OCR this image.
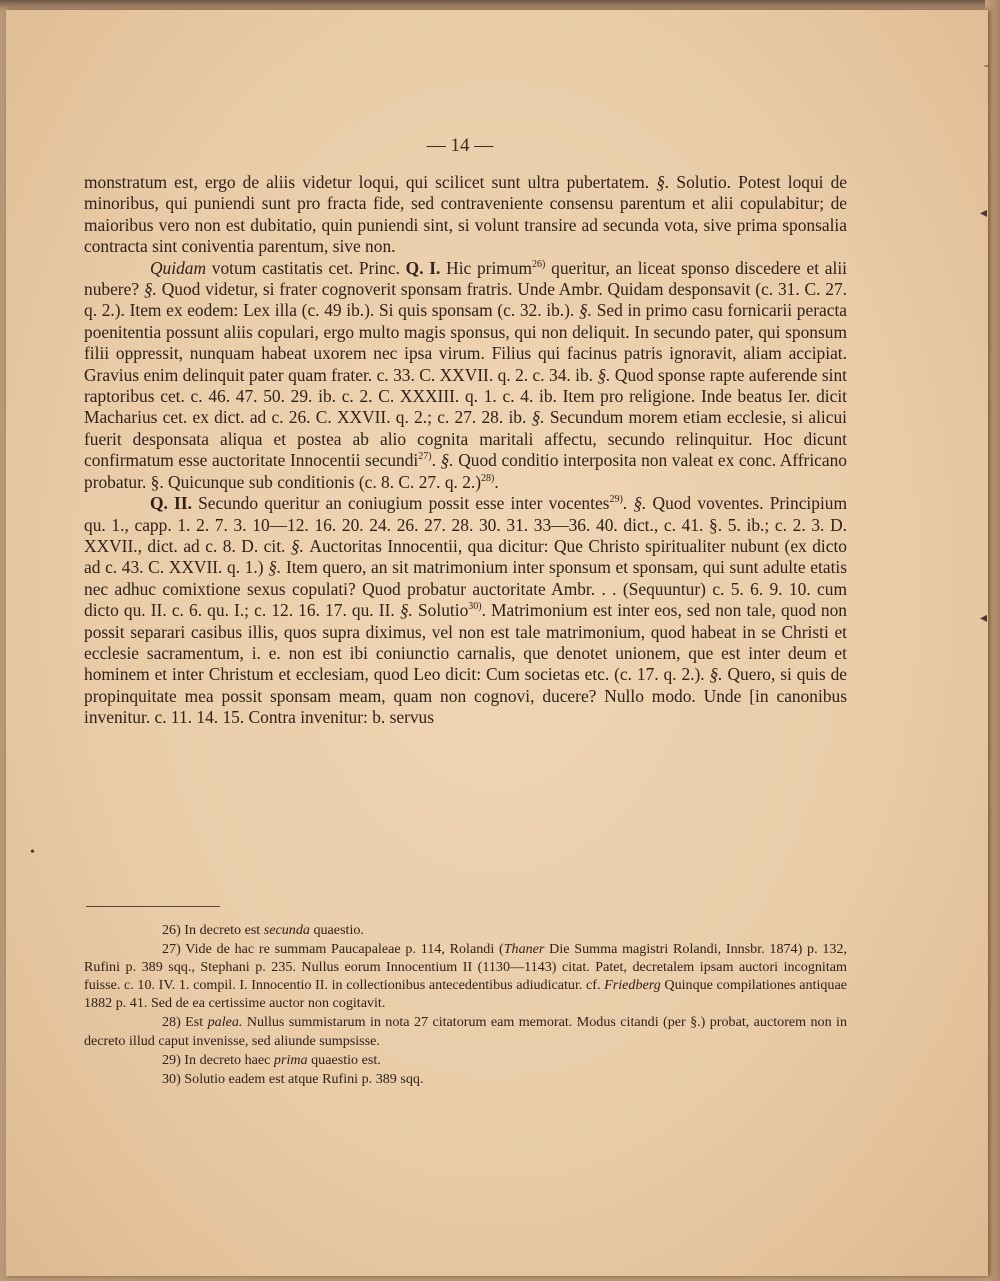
— 14 —

monstratum est, ergo de aliis videtur loqui, qui scilicet sunt ultra pubertatem. §. Solutio. Potest loqui de minoribus, qui puniendi sunt pro fracta fide, sed contraveniente consensu parentum et alii copulabitur; de maioribus vero non est dubitatio, quin puniendi sint, si volunt transire ad secunda vota, sive prima sponsalia contracta sint coniventia parentum, sive non.

Quidam votum castitatis cet. Princ. Q. I. Hic primum$^{26)}$ queritur, an liceat sponso discedere et alii nubere? §. Quod videtur, si frater cognoverit sponsam fratris. Unde Ambr. Quidam desponsavit (c. 31. C. 27. q. 2.). Item ex eodem: Lex illa (c. 49 ib.). Si quis sponsam (c. 32. ib.). §. Sed in primo casu fornicarii peracta poenitentia possunt aliis copulari, ergo multo magis sponsus, qui non deliquit. In secundo pater, qui sponsum filii oppressit, nunquam habeat uxorem nec ipsa virum. Filius qui facinus patris ignoravit, aliam accipiat. Gravius enim delinquit pater quam frater. c. 33. C. XXVII. q. 2. c. 34. ib. §. Quod sponse rapte auferende sint raptoribus cet. c. 46. 47. 50. 29. ib. c. 2. C. XXXIII. q. 1. c. 4. ib. Item pro religione. Inde beatus Ier. dicit Macharius cet. ex dict. ad c. 26. C. XXVII. q. 2.; c. 27. 28. ib. §. Secundum morem etiam ecclesie, si alicui fuerit desponsata aliqua et postea ab alio cognita maritali affectu, secundo relinquitur. Hoc dicunt confirmatum esse auctoritate Innocentii secundi$^{27)}$. §. Quod conditio interposita non valeat ex conc. Affricano probatur. §. Quicunque sub conditionis (c. 8. C. 27. q. 2.)$^{28)}$.

Q. II. Secundo queritur an coniugium possit esse inter vocentes$^{29)}$. §. Quod voventes. Principium qu. 1., capp. 1. 2. 7. 3. 10—12. 16. 20. 24. 26. 27. 28. 30. 31. 33—36. 40. dict., c. 41. §. 5. ib.; c. 2. 3. D. XXVII., dict. ad c. 8. D. cit. §. Auctoritas Innocentii, qua dicitur: Que Christo spiritualiter nubunt (ex dicto ad c. 43. C. XXVII. q. 1.) §. Item quero, an sit matrimonium inter sponsum et sponsam, qui sunt adulte etatis nec adhuc comixtione sexus copulati? Quod probatur auctoritate Ambr. . . (Sequuntur) c. 5. 6. 9. 10. cum dicto qu. II. c. 6. qu. I.; c. 12. 16. 17. qu. II. §. Solutio$^{30)}$. Matrimonium est inter eos, sed non tale, quod non possit separari casibus illis, quos supra diximus, vel non est tale matrimonium, quod habeat in se Christi et ecclesie sacramentum, i. e. non est ibi coniunctio carnalis, que denotet unionem, que est inter deum et hominem et inter Christum et ecclesiam, quod Leo dicit: Cum societas etc. (c. 17. q. 2.). §. Quero, si quis de propinquitate mea possit sponsam meam, quam non cognovi, ducere? Nullo modo. Unde [in canonibus invenitur. c. 11. 14. 15. Contra invenitur: b. servus

26) In decreto est secunda quaestio.

27) Vide de hac re summam Paucapaleae p. 114, Rolandi (Thaner Die Summa magistri Rolandi, Innsbr. 1874) p. 132, Rufini p. 389 sqq., Stephani p. 235. Nullus eorum Innocentium II (1130—1143) citat. Patet, decretalem ipsam auctori incognitam fuisse. c. 10. IV. 1. compil. I. Innocentio II. in collectionibus antecedentibus adiudicatur. cf. Friedberg Quinque compilationes antiquae 1882 p. 41. Sed de ea certissime auctor non cogitavit.

28) Est palea. Nullus summistarum in nota 27 citatorum eam memorat. Modus citandi (per §.) probat, auctorem non in decreto illud caput invenisse, sed aliunde sumpsisse.

29) In decreto haec prima quaestio est.

30) Solutio eadem est atque Rufini p. 389 sqq.

-
◂
◂
•
